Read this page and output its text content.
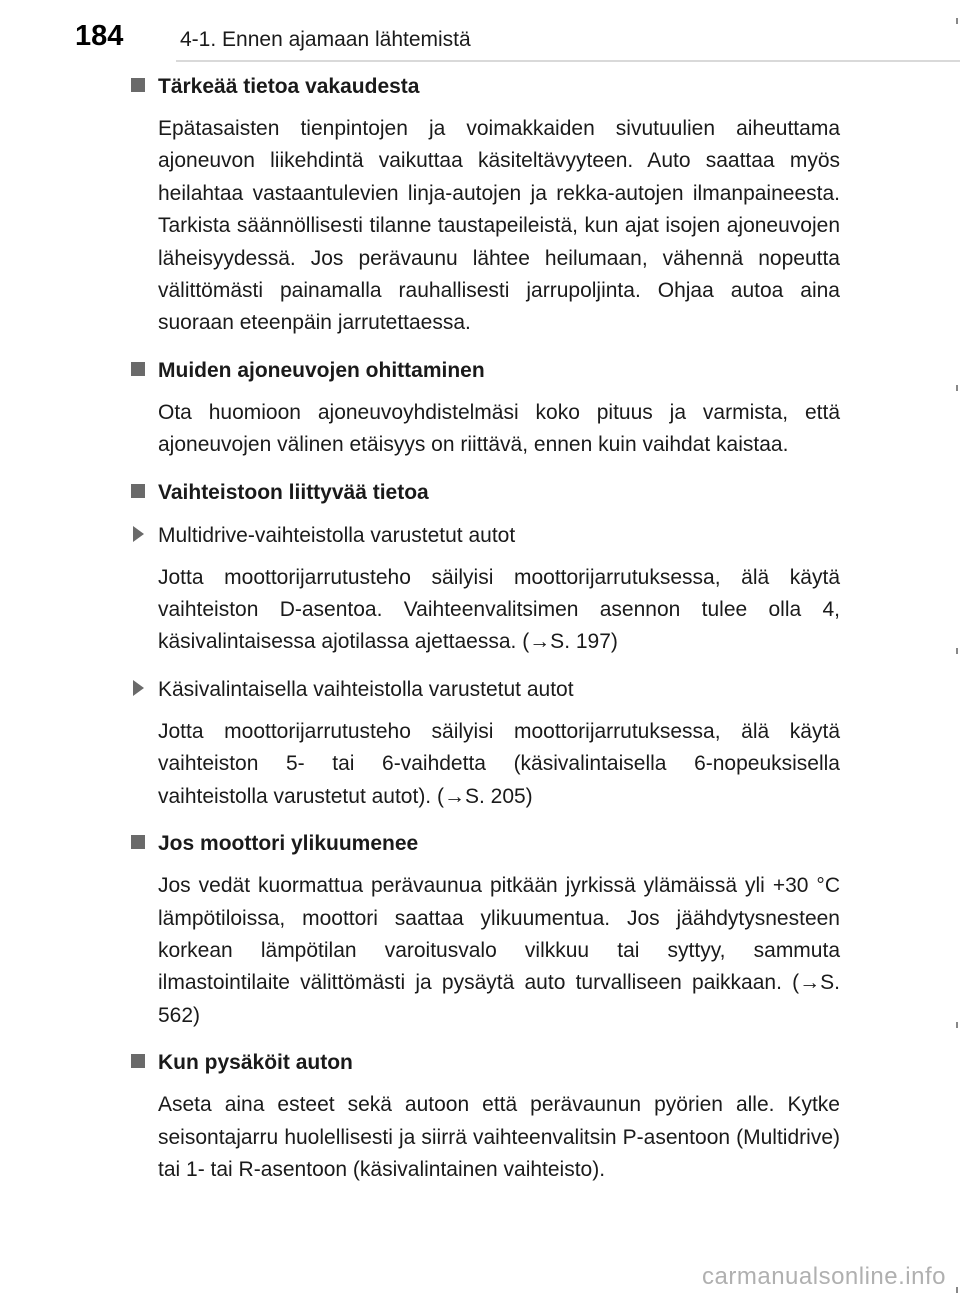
184	4-1. Ennen ajamaan lähtemistä
Tärkeää tietoa vakaudesta

Epätasaisten tienpintojen ja voimakkaiden sivutuulien aiheuttama ajoneuvon liikehdintä vaikuttaa käsiteltävyyteen. Auto saattaa myös heilahtaa vastaantulevien linja-autojen ja rekka-autojen ilmanpaineesta. Tarkista säännöllisesti tilanne taustapeileistä, kun ajat isojen ajoneuvojen läheisyydessä. Jos perävaunu lähtee heilumaan, vähennä nopeutta välittömästi painamalla rauhallisesti jarrupoljinta. Ohjaa autoa aina suoraan eteenpäin jarrutettaessa.

Muiden ajoneuvojen ohittaminen

Ota huomioon ajoneuvoyhdistelmäsi koko pituus ja varmista, että ajoneuvojen välinen etäisyys on riittävä, ennen kuin vaihdat kaistaa.

Vaihteistoon liittyvää tietoa
Multidrive-vaihteistolla varustetut autot

Jotta moottorijarrutusteho säilyisi moottorijarrutuksessa, älä käytä vaihteiston D-asentoa. Vaihteenvalitsimen asennon tulee olla 4, käsivalintaisessa ajotilassa ajettaessa. (→S. 197)

Käsivalintaisella vaihteistolla varustetut autot

Jotta moottorijarrutusteho säilyisi moottorijarrutuksessa, älä käytä vaihteiston 5- tai 6-vaihdetta (käsivalintaisella 6-nopeuksisella vaihteistolla varustetut autot). (→S. 205)

Jos moottori ylikuumenee

Jos vedät kuormattua perävaunua pitkään jyrkissä ylämäissä yli +30 °C lämpötiloissa, moottori saattaa ylikuumentua. Jos jäähdytysnesteen korkean lämpötilan varoitusvalo vilkkuu tai syttyy, sammuta ilmastointilaite välittömästi ja pysäytä auto turvalliseen paikkaan. (→S. 562)

Kun pysäköit auton

Aseta aina esteet sekä autoon että perävaunun pyörien alle. Kytke seisontajarru huolellisesti ja siirrä vaihteenvalitsin P-asentoon (Multidrive) tai 1- tai R-asentoon (käsivalintainen vaihteisto).

carmanualsonline.info
